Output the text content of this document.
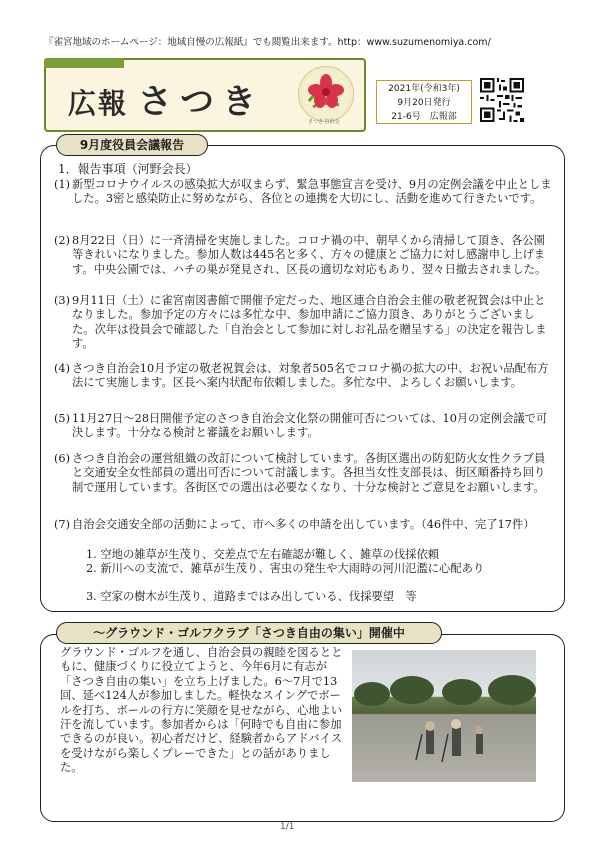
『雀宮地域のホームページ：地域自慢の広報紙』でも閲覧出来ます。http：www.suzumenomiya.com/
広報 さつき	さつき 自治会
2021年(令和3年)
9月20日発行
21-6号　広報部
9月度役員会議報告
1．報告事項（河野会長）
(1) 新型コロナウイルスの感染拡大が収まらず、緊急事態宣言を受け、9月の定例会議を中止としました。3密と感染防止に努めながら、各位との連携を大切にし、活動を進めて行きたいです。
(2) 8月22日（日）に一斉清掃を実施しました。コロナ禍の中、朝早くから清掃して頂き、各公園等きれいになりました。参加人数は445名と多く、方々の健康とご協力に対し感謝申し上げます。中央公園では、ハチの巣が発見され、区長の適切な対応もあり、翌々日撤去されました。
(3) 9月11日（土）に雀宮南図書館で開催予定だった、地区連合自治会主催の敬老祝賀会は中止となりました。参加予定の方々には多忙な中、参加申請にご協力頂き、ありがとうございました。次年は役員会で確認した「自治会として参加に対しお礼品を贈呈する」の決定を報告します。
(4) さつき自治会10月予定の敬老祝賀会は、対象者505名でコロナ禍の拡大の中、お祝い品配布方法にて実施します。区長へ案内状配布依頼しました。多忙な中、よろしくお願いします。
(5) 11月27日～28日開催予定のさつき自治会文化祭の開催可否については、10月の定例会議で可決します。十分なる検討と審議をお願いします。
(6) さつき自治会の運営組織の改訂について検討しています。各街区選出の防犯防火女性クラブ員と交通安全女性部員の選出可否について討議します。各担当女性支部長は、街区順番持ち回り制で運用しています。各街区での選出は必要なくなり、十分な検討とご意見をお願いします。
(7) 自治会交通安全部の活動によって、市へ多くの申請を出しています。（46件中、完了17件）
1. 空地の雑草が生茂り、交差点で左右確認が難しく、雑草の伐採依頼
2. 新川への支流で、雑草が生茂り、害虫の発生や大雨時の河川氾濫に心配あり
3. 空家の樹木が生茂り、道路まではみ出している、伐採要望　等
～グラウンド・ゴルフクラブ「さつき自由の集い」開催中
グラウンド・ゴルフを通し、自治会員の親睦を図るとともに、健康づくりに役立てようと、今年6月に有志が「さつき自由の集い」を立ち上げました。6～7月で13回、延べ124人が参加しました。軽快なスイングでボールを打ち、ボールの行方に笑顔を見せながら、心地よい汗を流しています。参加者からは「何時でも自由に参加できるのが良い。初心者だけど、経験者からアドバイスを受けながら楽しくプレーできた」との話がありました。
1/1
